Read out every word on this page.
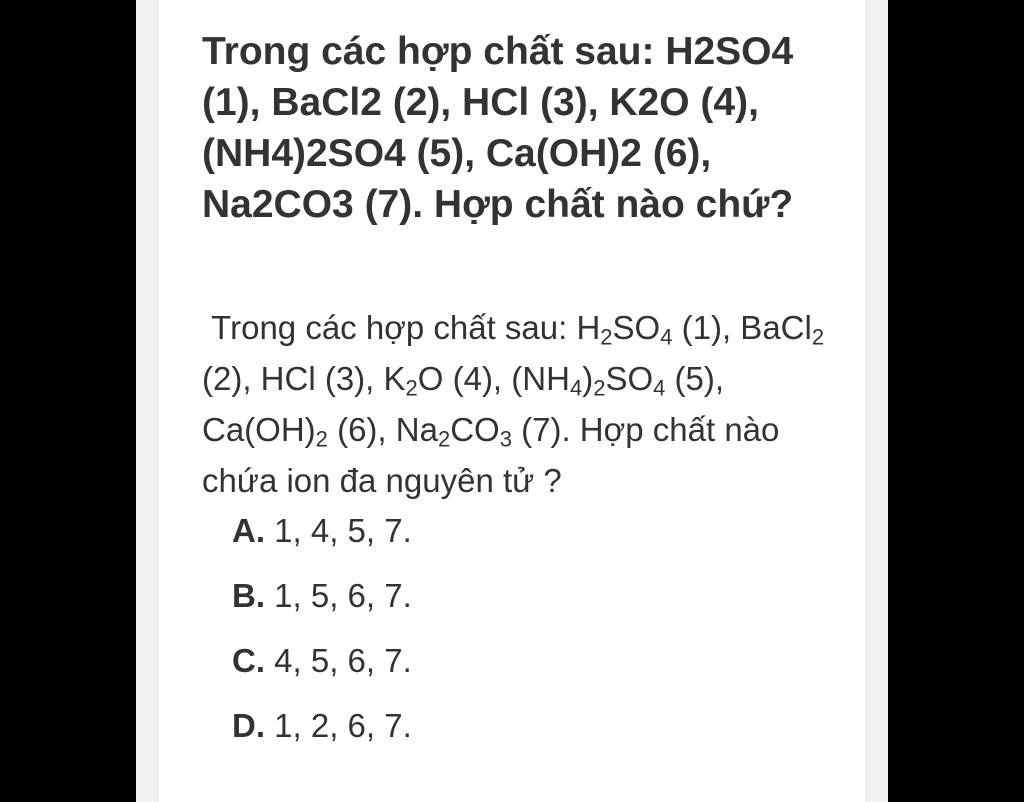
Trong các hợp chất sau: H2SO4
(1), BaCl2 (2), HCl (3), K2O (4),
(NH4)2SO4 (5), Ca(OH)2 (6),
Na2CO3 (7). Hợp chất nào chứ?

Trong các hợp chất sau: $H_2SO_4$ (1), BaCl$_2$ (2), HCl (3), $K_2O$ (4), $(NH_4)_2SO_4$ (5), $Ca(OH)_2$ (6), $Na_2CO_3$ (7). Hợp chất nào chứa ion đa nguyên tử ?

A. 1, 4, 5, 7.
B. 1, 5, 6, 7.
C. 4, 5, 6, 7.
D. 1, 2, 6, 7.
